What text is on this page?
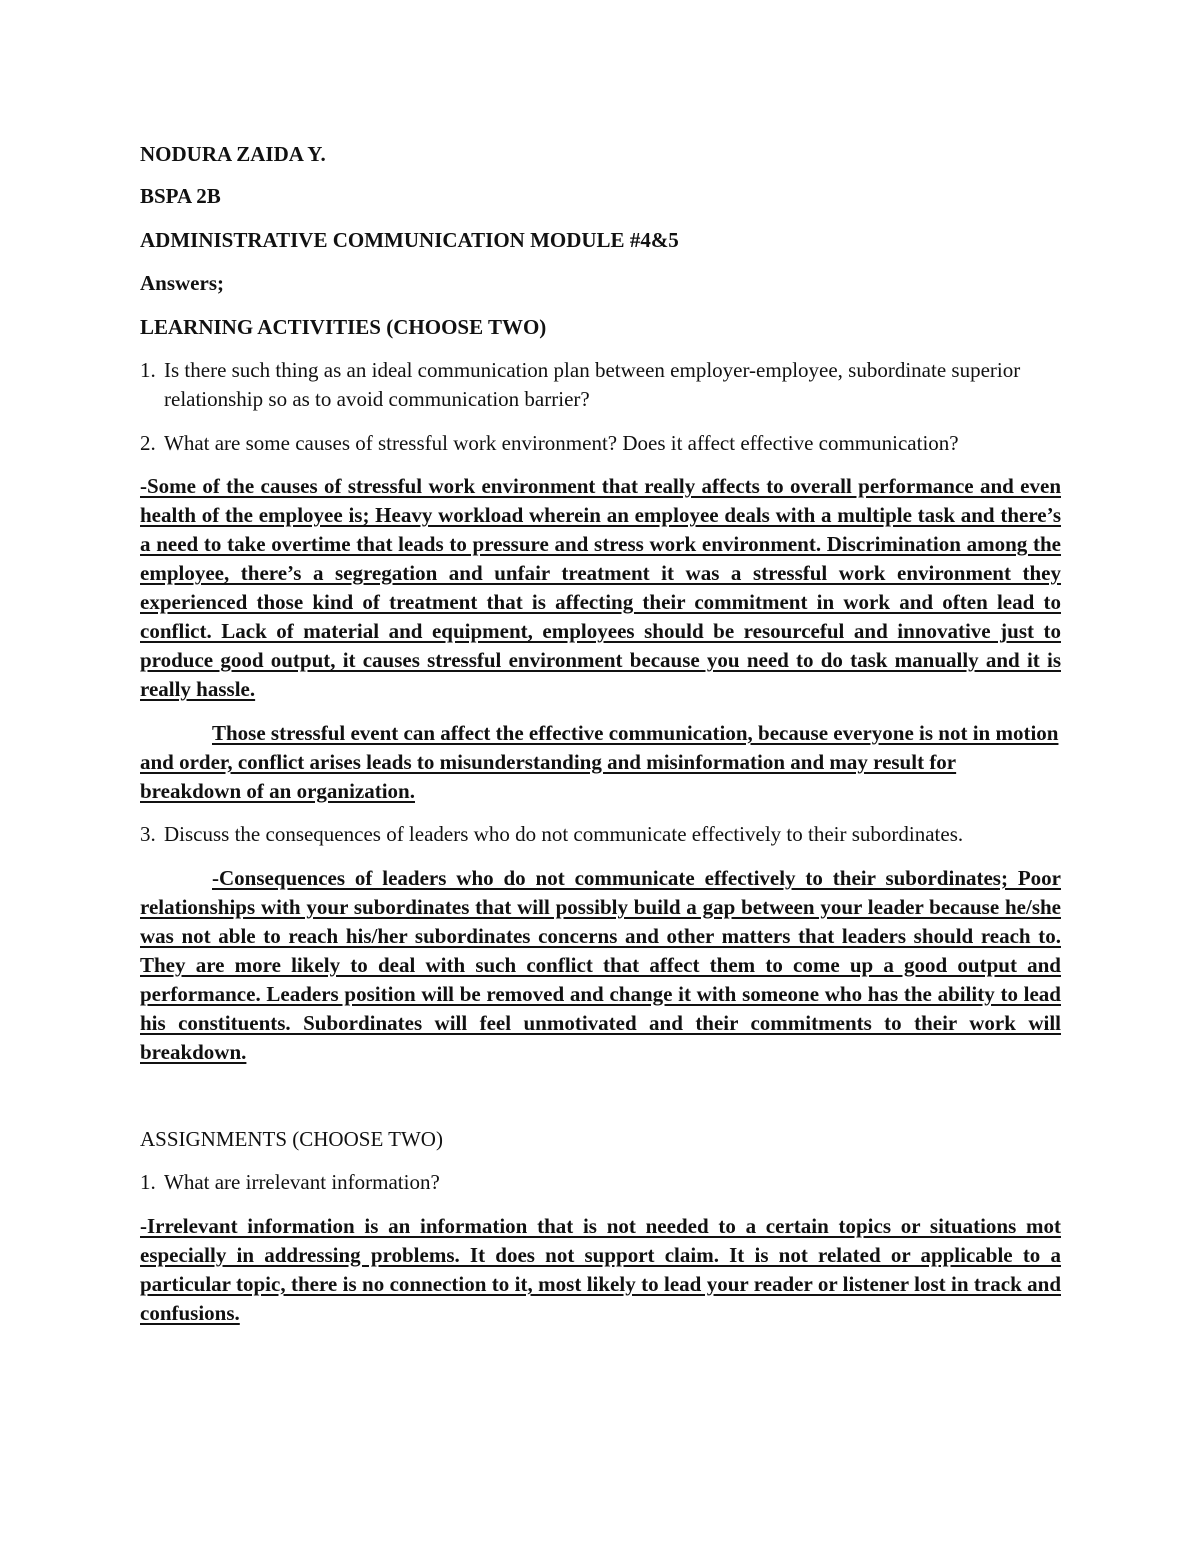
NODURA ZAIDA Y.
BSPA 2B
ADMINISTRATIVE COMMUNICATION MODULE #4&5
Answers;
LEARNING ACTIVITIES (CHOOSE TWO)
1. Is there such thing as an ideal communication plan between employer-employee, subordinate superior relationship so as to avoid communication barrier?
2. What are some causes of stressful work environment? Does it affect effective communication?
-Some of the causes of stressful work environment that really affects to overall performance and even health of the employee is; Heavy workload wherein an employee deals with a multiple task and there’s a need to take overtime that leads to pressure and stress work environment. Discrimination among the employee, there’s a segregation and unfair treatment it was a stressful work environment they experienced those kind of treatment that is affecting their commitment in work and often lead to conflict. Lack of material and equipment, employees should be resourceful and innovative just to produce good output, it causes stressful environment because you need to do task manually and it is really hassle.
Those stressful event can affect the effective communication, because everyone is not in motion and order, conflict arises leads to misunderstanding and misinformation and may result for breakdown of an organization.
3. Discuss the consequences of leaders who do not communicate effectively to their subordinates.
-Consequences of leaders who do not communicate effectively to their subordinates; Poor relationships with your subordinates that will possibly build a gap between your leader because he/she was not able to reach his/her subordinates concerns and other matters that leaders should reach to. They are more likely to deal with such conflict that affect them to come up a good output and performance. Leaders position will be removed and change it with someone who has the ability to lead his constituents. Subordinates will feel unmotivated and their commitments to their work will breakdown.
ASSIGNMENTS (CHOOSE TWO)
1. What are irrelevant information?
-Irrelevant information is an information that is not needed to a certain topics or situations mot especially in addressing problems. It does not support claim. It is not related or applicable to a particular topic, there is no connection to it, most likely to lead your reader or listener lost in track and confusions.
